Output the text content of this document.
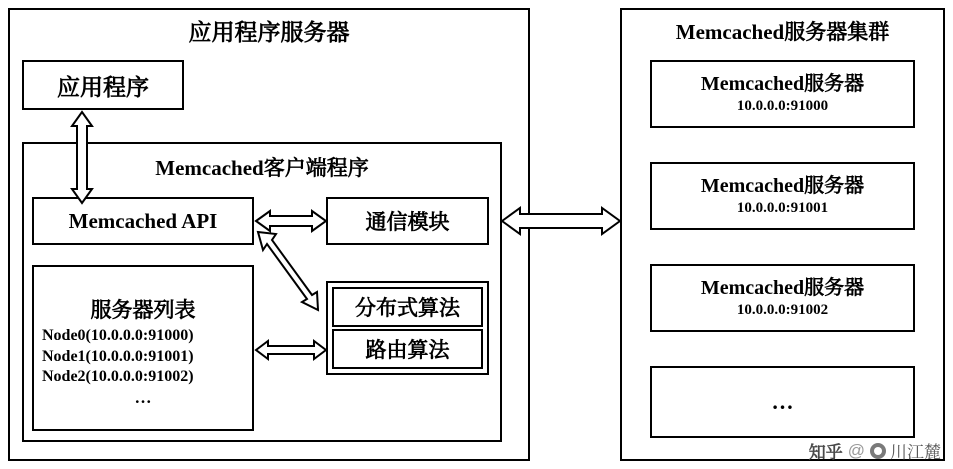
应用程序服务器
应用程序
Memcached客户端程序
Memcached API	通信模块
服务器列表
Node0(10.0.0.0:91000)
Node1(10.0.0.0:91001)
Node2(10.0.0.0:91002)
…
分布式算法
路由算法
Memcached服务器集群
Memcached服务器
10.0.0.0:91000
Memcached服务器
10.0.0.0:91001
Memcached服务器
10.0.0.0:91002
…
知乎 @ 川江麓
